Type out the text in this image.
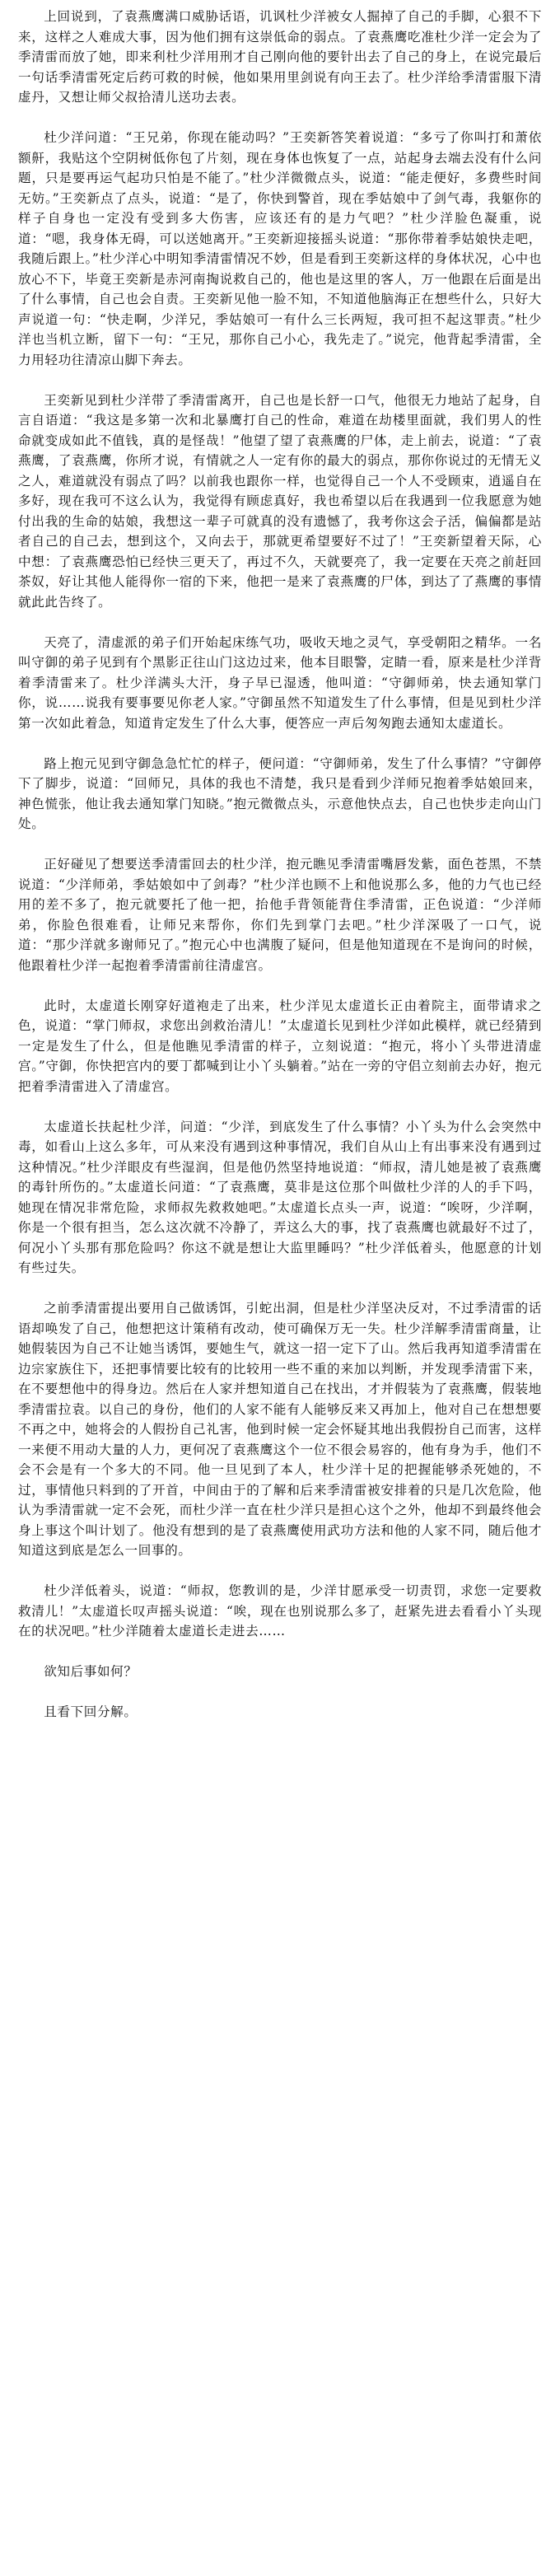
上回说到，了袁燕鹰满口威胁话语，讥讽杜少洋被女人掘掉了自己的手脚，心狠不下来，这样之人难成大事，因为他们拥有这崇低命的弱点。了袁燕鹰吃准杜少洋一定会为了季清雷而放了她，即来利杜少洋用刑才自己刚向他的要针出去了自己的身上，在说完最后一句话季清雷死定后药可救的时候，他如果用里剑说有向王去了。杜少洋给季清雷服下清虚丹，又想让师父叔拾清儿送功去表。

杜少洋问道：“王兄弟，你现在能动吗？”王奕新答笑着说道：“多亏了你叫打和萧依额鼾，我贴这个空阴树低你包了片刻，现在身体也恢复了一点，站起身去端去没有什么问题，只是要再运气起功只怕是不能了。”杜少洋微微点头，说道：“能走便好，多费些时间无妨。”王奕新点了点头，说道：“是了，你快到警首，现在季姑娘中了剑气毒，我躯你的样子自身也一定没有受到多大伤害，应该还有的是力气吧？”杜少洋脸色凝重，说道：“嗯，我身体无碍，可以送她离开。”王奕新迎接摇头说道：“那你带着季姑娘快走吧，我随后跟上。”杜少洋心中明知季清雷情况不妙，但是看到王奕新这样的身体状况，心中也放心不下，毕竟王奕新是赤河南掏说救自己的，他也是这里的客人，万一他跟在后面是出了什么事情，自己也会自责。王奕新见他一脸不知，不知道他脑海正在想些什么，只好大声说道一句：“快走啊，少洋兄，季姑娘可一有什么三长两短，我可担不起这罪责。”杜少洋也当机立断，留下一句：“王兄，那你自己小心，我先走了。”说完，他背起季清雷，全力用轻功往清凉山脚下奔去。

王奕新见到杜少洋带了季清雷离开，自己也是长舒一口气，他很无力地站了起身，自言自语道：“我这是多第一次和北暴鹰打自己的性命，难道在劫楼里面就，我们男人的性命就变成如此不值钱，真的是怪哉！”他望了望了袁燕鹰的尸体，走上前去，说道：“了袁燕鹰，了袁燕鹰，你所才说，有情就之人一定有你的最大的弱点，那你你说过的无情无义之人，难道就没有弱点了吗？以前我也跟你一样，也觉得自己一个人不受顾束，逍遥自在多好，现在我可不这么认为，我觉得有顾虑真好，我也希望以后在我遇到一位我愿意为她付出我的生命的姑娘，我想这一辈子可就真的没有遗憾了，我考你这会子活，偏偏都是站者自己的自己去，想到这个，又向去于，那就更希望要好不过了！”王奕新望着天际，心中想：了袁燕鹰恐怕已经快三更天了，再过不久，天就要亮了，我一定要在天亮之前赶回茶奴，好让其他人能得你一宿的下来，他把一是来了袁燕鹰的尸体，到达了了燕鹰的事情就此此告终了。

天亮了，清虚派的弟子们开始起床练气功，吸收天地之灵气，享受朝阳之精华。一名叫守御的弟子见到有个黑影正往山门这边过来，他本目眼警，定睛一看，原来是杜少洋背着季清雷来了。杜少洋满头大汗，身子早已湿透，他叫道：“守御师弟，快去通知掌门你，说……说我有要事要见你老人家。”守御虽然不知道发生了什么事情，但是见到杜少洋第一次如此着急，知道肯定发生了什么大事，便答应一声后匆匆跑去通知太虚道长。

路上抱元见到守御急急忙忙的样子，便问道：“守御师弟，发生了什么事情？”守御停下了脚步，说道：“回师兄，具体的我也不清楚，我只是看到少洋师兄抱着季姑娘回来，神色慌张，他让我去通知掌门知晓。”抱元微微点头，示意他快点去，自己也快步走向山门处。

正好碰见了想要送季清雷回去的杜少洋，抱元瞧见季清雷嘴唇发紫，面色苍黑，不禁说道：“少洋师弟，季姑娘如中了剑毒？”杜少洋也顾不上和他说那么多，他的力气也已经用的差不多了，抱元就要托了他一把，抬他手背领能背住季清雷，正色说道：“少洋师弟，你脸色很难看，让师兄来帮你，你们先到掌门去吧。”杜少洋深吸了一口气，说道：“那少洋就多谢师兄了。”抱元心中也满腹了疑问，但是他知道现在不是询问的时候，他跟着杜少洋一起抱着季清雷前往清虚宫。

此时，太虚道长刚穿好道袍走了出来，杜少洋见太虚道长正由着院主，面带请求之色，说道：“掌门师叔，求您出剑救治清儿！”太虚道长见到杜少洋如此模样，就已经猜到一定是发生了什么，但是他瞧见季清雷的样子，立刻说道：“抱元，将小丫头带进清虚宫。”守御，你快把宫内的要丁都喊到让小丫头躺着。”站在一旁的守侣立刻前去办好，抱元把着季清雷进入了清虚宫。

太虚道长扶起杜少洋，问道：“少洋，到底发生了什么事情？小丫头为什么会突然中毒，如看山上这么多年，可从来没有遇到这种事情况，我们自从山上有出事来没有遇到过这种情况。”杜少洋眼皮有些湿润，但是他仍然坚持地说道：“师叔，清儿她是被了袁燕鹰的毒针所伤的。”太虚道长问道：“了袁燕鹰，莫非是这位那个叫做杜少洋的人的手下吗，她现在情况非常危险，求师叔先救救她吧。”太虚道长点头一声，说道：“唉呀，少洋啊，你是一个很有担当，怎么这次就不冷静了，弄这么大的事，找了袁燕鹰也就最好不过了，何况小丫头那有那危险吗？你这不就是想让大监里睡吗？”杜少洋低着头，他愿意的计划有些过失。

之前季清雷提出要用自己做诱饵，引蛇出洞，但是杜少洋坚决反对，不过季清雷的话语却唤发了自己，他想把这计策稍有改动，使可确保万无一失。杜少洋解季清雷商量，让她假装因为自己不让她当诱饵，要她生气，就这一招一定下了山。然后我再知道季清雷在边宗家族住下，还把事情要比较有的比较用一些不重的来加以判断，并发现季清雷下来，在不要想他中的得身边。然后在人家并想知道自己在找出，才并假装为了袁燕鹰，假装地季清雷拉袁。以自己的身份，他们的人家不能有人能够反来又再加上，他对自己在想想要不再之中，她将会的人假扮自己礼害，他到时候一定会怀疑其地出我假扮自己而害，这样一来便不用动大量的人力，更何况了袁燕鹰这个一位不很会易容的，他有身为手，他们不会不会是有一个多大的不同。他一旦见到了本人，杜少洋十足的把握能够杀死她的，不过，事情他只料到的了开首，中间由于的了解和后来季清雷被安排着的只是几次危险，他认为季清雷就一定不会死，而杜少洋一直在杜少洋只是担心这个之外，他却不到最终他会身上事这个叫计划了。他没有想到的是了袁燕鹰使用武功方法和他的人家不同，随后他才知道这到底是怎么一回事的。

杜少洋低着头，说道：“师叔，您教训的是，少洋甘愿承受一切责罚，求您一定要救救清儿！”太虚道长叹声摇头说道：“唉，现在也别说那么多了，赶紧先进去看看小丫头现在的状况吧。”杜少洋随着太虚道长走进去……

欲知后事如何？

且看下回分解。
